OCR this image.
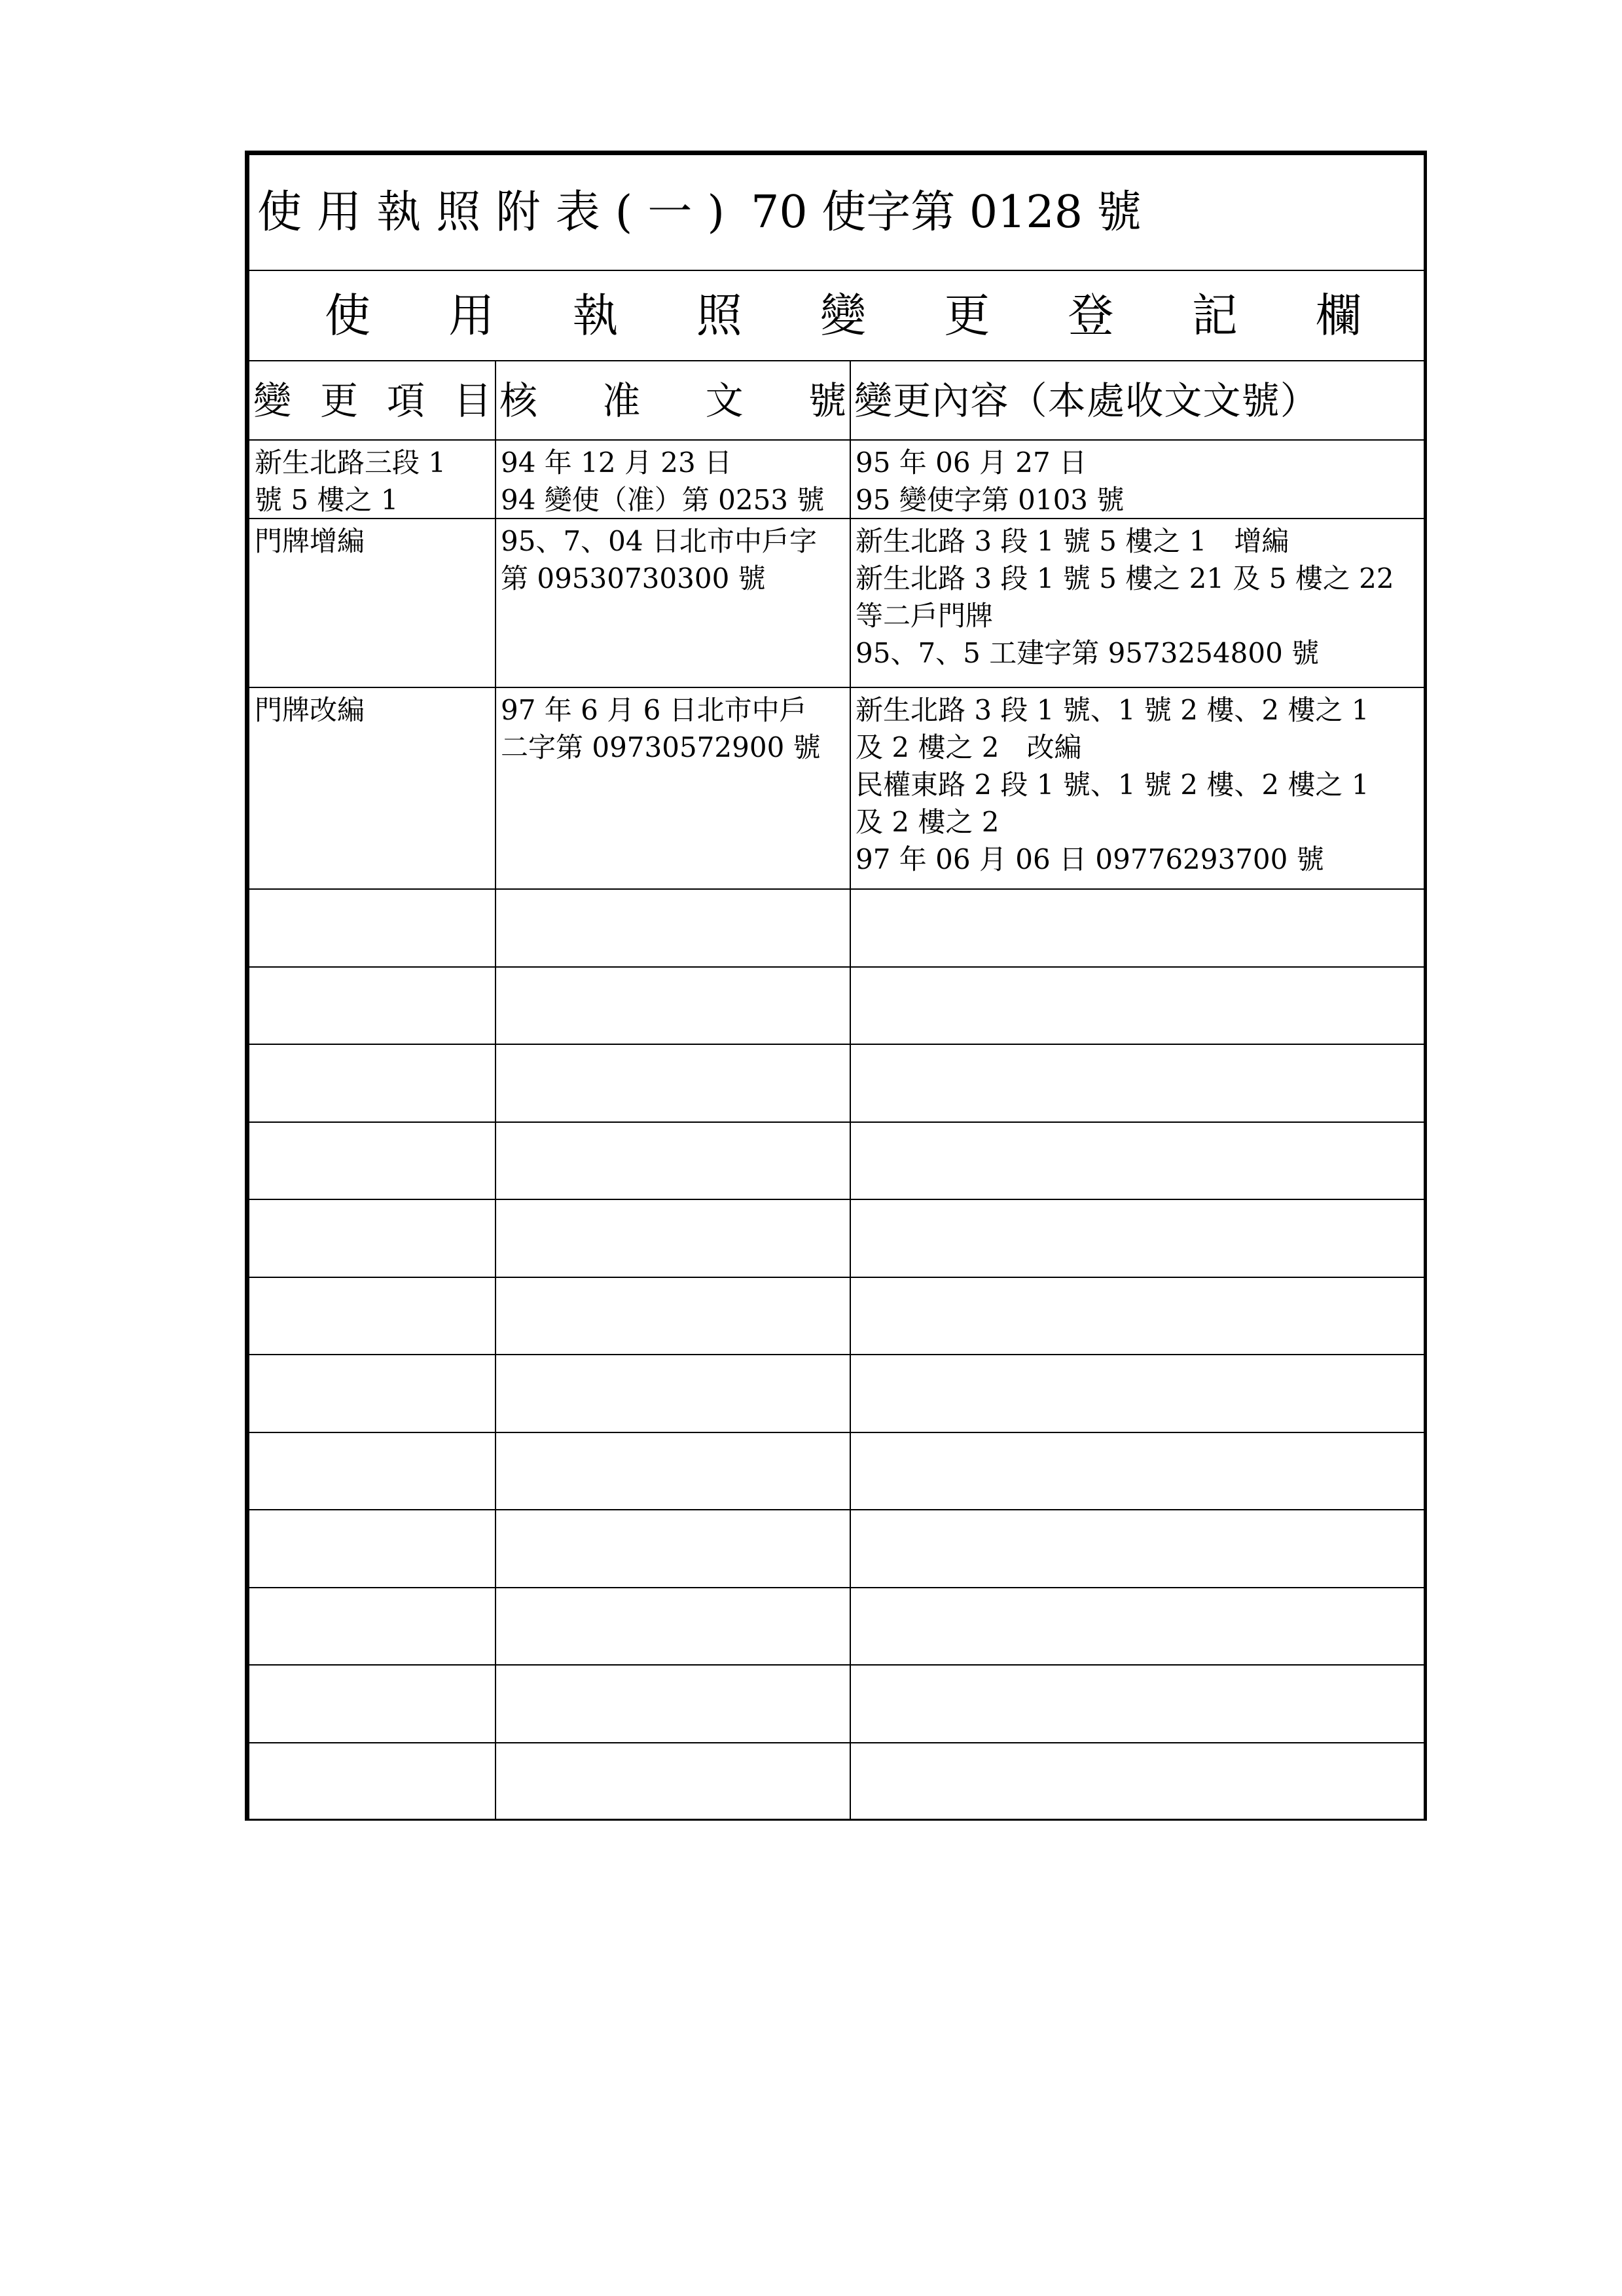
使用執照附表(一) 70 使字第 0128 號
使 用 執 照 變 更 登 記 欄
變 更 項 目 核 准 文 號 變更內容（本處收文文號）
新生北路三段 1
號 5 樓之 1
94 年 12 月 23 日
94 變使（准）第 0253 號
95 年 06 月 27 日
95 變使字第 0103 號
門牌增編	95、7、04 日北市中戶字
第 09530730300 號
新生北路 3 段 1 號 5 樓之 1　增編
新生北路 3 段 1 號 5 樓之 21 及 5 樓之 22
等二戶門牌
95、7、5 工建字第 9573254800 號
門牌改編	97 年 6 月 6 日北市中戶
二字第 09730572900 號
新生北路 3 段 1 號、1 號 2 樓、2 樓之 1
及 2 樓之 2　改編
民權東路 2 段 1 號、1 號 2 樓、2 樓之 1
及 2 樓之 2
97 年 06 月 06 日 09776293700 號
